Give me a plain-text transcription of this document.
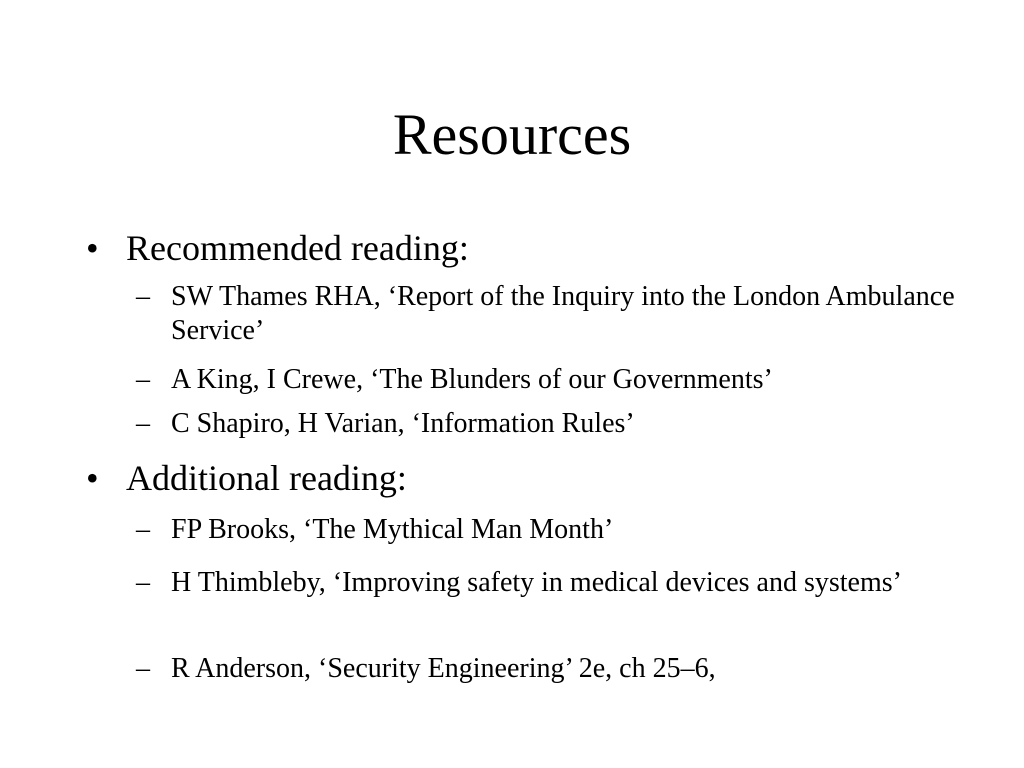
Resources
• Recommended reading:
– SW Thames RHA, ‘Report of the Inquiry into the London Ambulance Service’
– A King, I Crewe, ‘The Blunders of our Governments’
– C Shapiro, H Varian, ‘Information Rules’
• Additional reading:
– FP Brooks, ‘The Mythical Man Month’
– H Thimbleby, ‘Improving safety in medical devices and systems’
– R Anderson, ‘Security Engineering’ 2e, ch 25–6,
